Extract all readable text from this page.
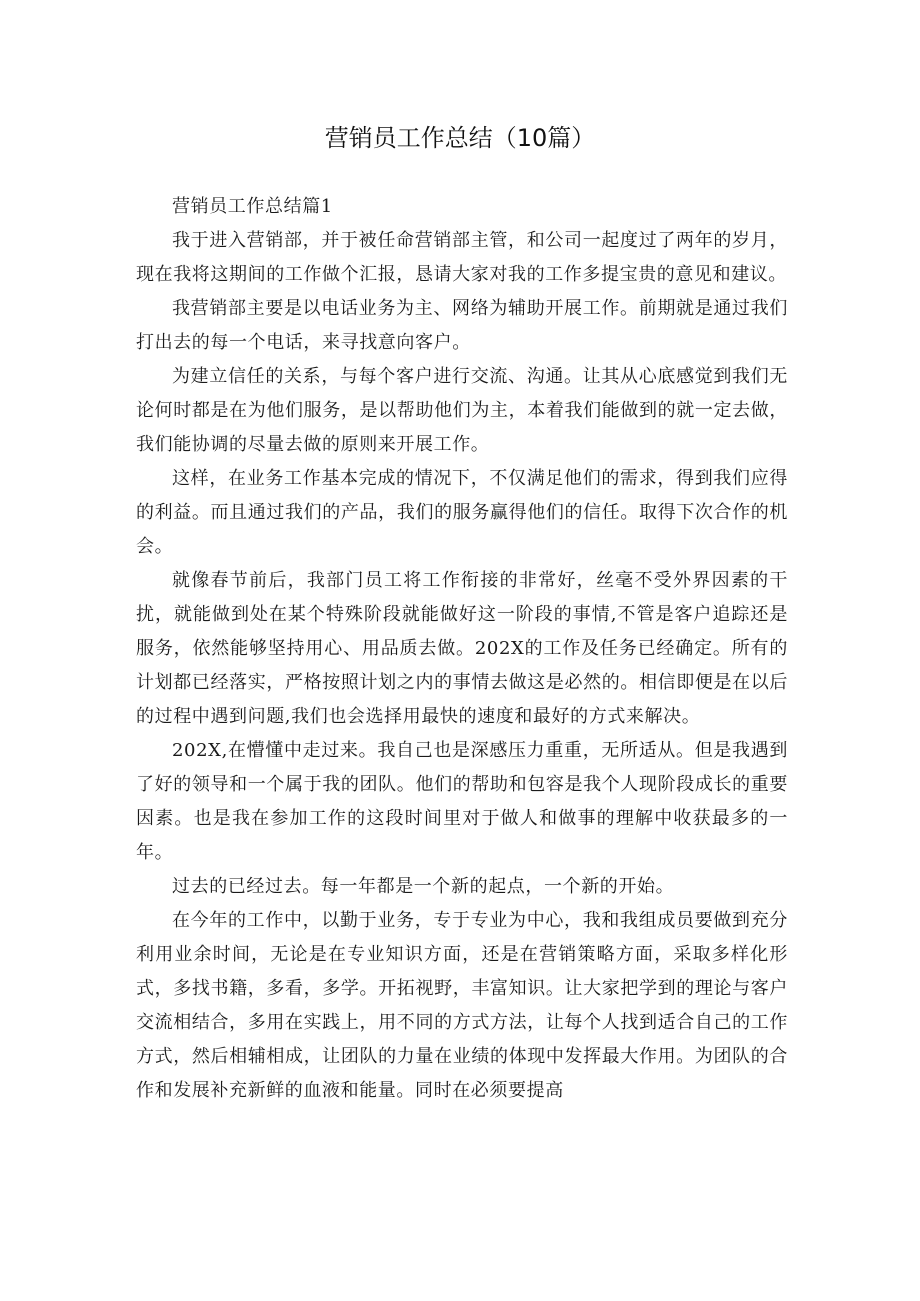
营销员工作总结（10篇）

营销员工作总结篇1

我于进入营销部，并于被任命营销部主管，和公司一起度过了两年的岁月，现在我将这期间的工作做个汇报，恳请大家对我的工作多提宝贵的意见和建议。

我营销部主要是以电话业务为主、网络为辅助开展工作。前期就是通过我们打出去的每一个电话，来寻找意向客户。

为建立信任的关系，与每个客户进行交流、沟通。让其从心底感觉到我们无论何时都是在为他们服务，是以帮助他们为主，本着我们能做到的就一定去做，我们能协调的尽量去做的原则来开展工作。

这样，在业务工作基本完成的情况下，不仅满足他们的需求，得到我们应得的利益。而且通过我们的产品，我们的服务赢得他们的信任。取得下次合作的机会。

就像春节前后，我部门员工将工作衔接的非常好，丝毫不受外界因素的干扰，就能做到处在某个特殊阶段就能做好这一阶段的事情,不管是客户追踪还是服务，依然能够坚持用心、用品质去做。202X的工作及任务已经确定。所有的计划都已经落实，严格按照计划之内的事情去做这是必然的。相信即便是在以后的过程中遇到问题,我们也会选择用最快的速度和最好的方式来解决。

202X,在懵懂中走过来。我自己也是深感压力重重，无所适从。但是我遇到了好的领导和一个属于我的团队。他们的帮助和包容是我个人现阶段成长的重要因素。也是我在参加工作的这段时间里对于做人和做事的理解中收获最多的一年。

过去的已经过去。每一年都是一个新的起点，一个新的开始。

在今年的工作中，以勤于业务，专于专业为中心，我和我组成员要做到充分利用业余时间，无论是在专业知识方面，还是在营销策略方面，采取多样化形式，多找书籍，多看，多学。开拓视野，丰富知识。让大家把学到的理论与客户交流相结合，多用在实践上，用不同的方式方法，让每个人找到适合自己的工作方式，然后相辅相成，让团队的力量在业绩的体现中发挥最大作用。为团队的合作和发展补充新鲜的血液和能量。同时在必须要提高
